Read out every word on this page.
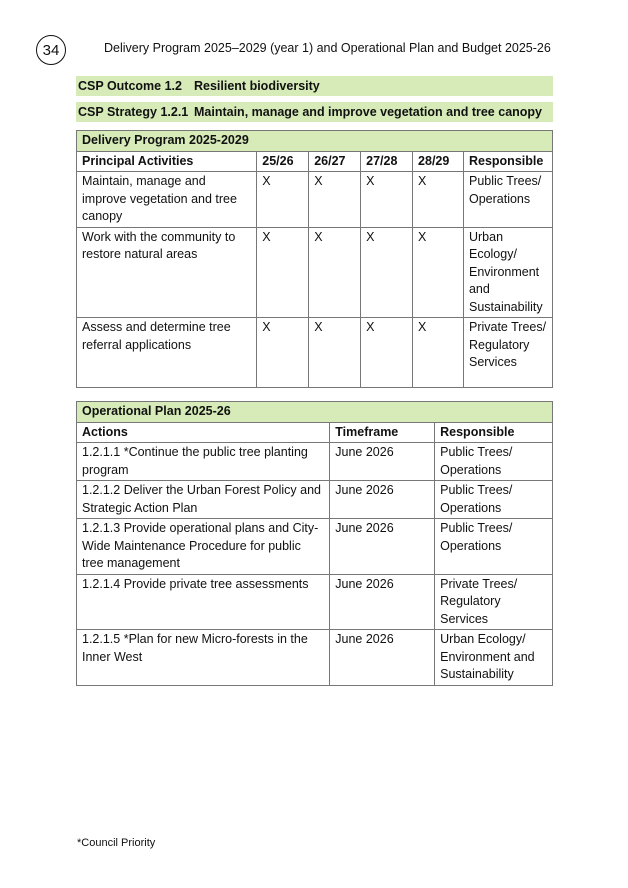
34	Delivery Program 2025–2029 (year 1) and Operational Plan and Budget 2025-26
CSP Outcome 1.2 Resilient biodiversity
CSP Strategy 1.2.1 Maintain, manage and improve vegetation and tree canopy
Delivery Program 2025-2029					
Principal Activities	25/26	26/27	27/28	28/29	Responsible
Maintain, manage and improve vegetation and tree canopy	X	X	X	X	Public Trees/ Operations
Work with the community to restore natural areas	X	X	X	X	Urban Ecology/ Environment and Sustainability
Assess and determine tree referral applications	X	X	X	X	Private Trees/ Regulatory Services
Operational Plan 2025-26		
Actions	Timeframe	Responsible
1.2.1.1 *Continue the public tree planting program	June 2026	Public Trees/ Operations
1.2.1.2 Deliver the Urban Forest Policy and Strategic Action Plan	June 2026	Public Trees/ Operations
1.2.1.3 Provide operational plans and City-Wide Maintenance Procedure for public tree management	June 2026	Public Trees/ Operations
1.2.1.4 Provide private tree assessments	June 2026	Private Trees/ Regulatory Services
1.2.1.5 *Plan for new Micro-forests in the Inner West	June 2026	Urban Ecology/ Environment and Sustainability
*Council Priority
